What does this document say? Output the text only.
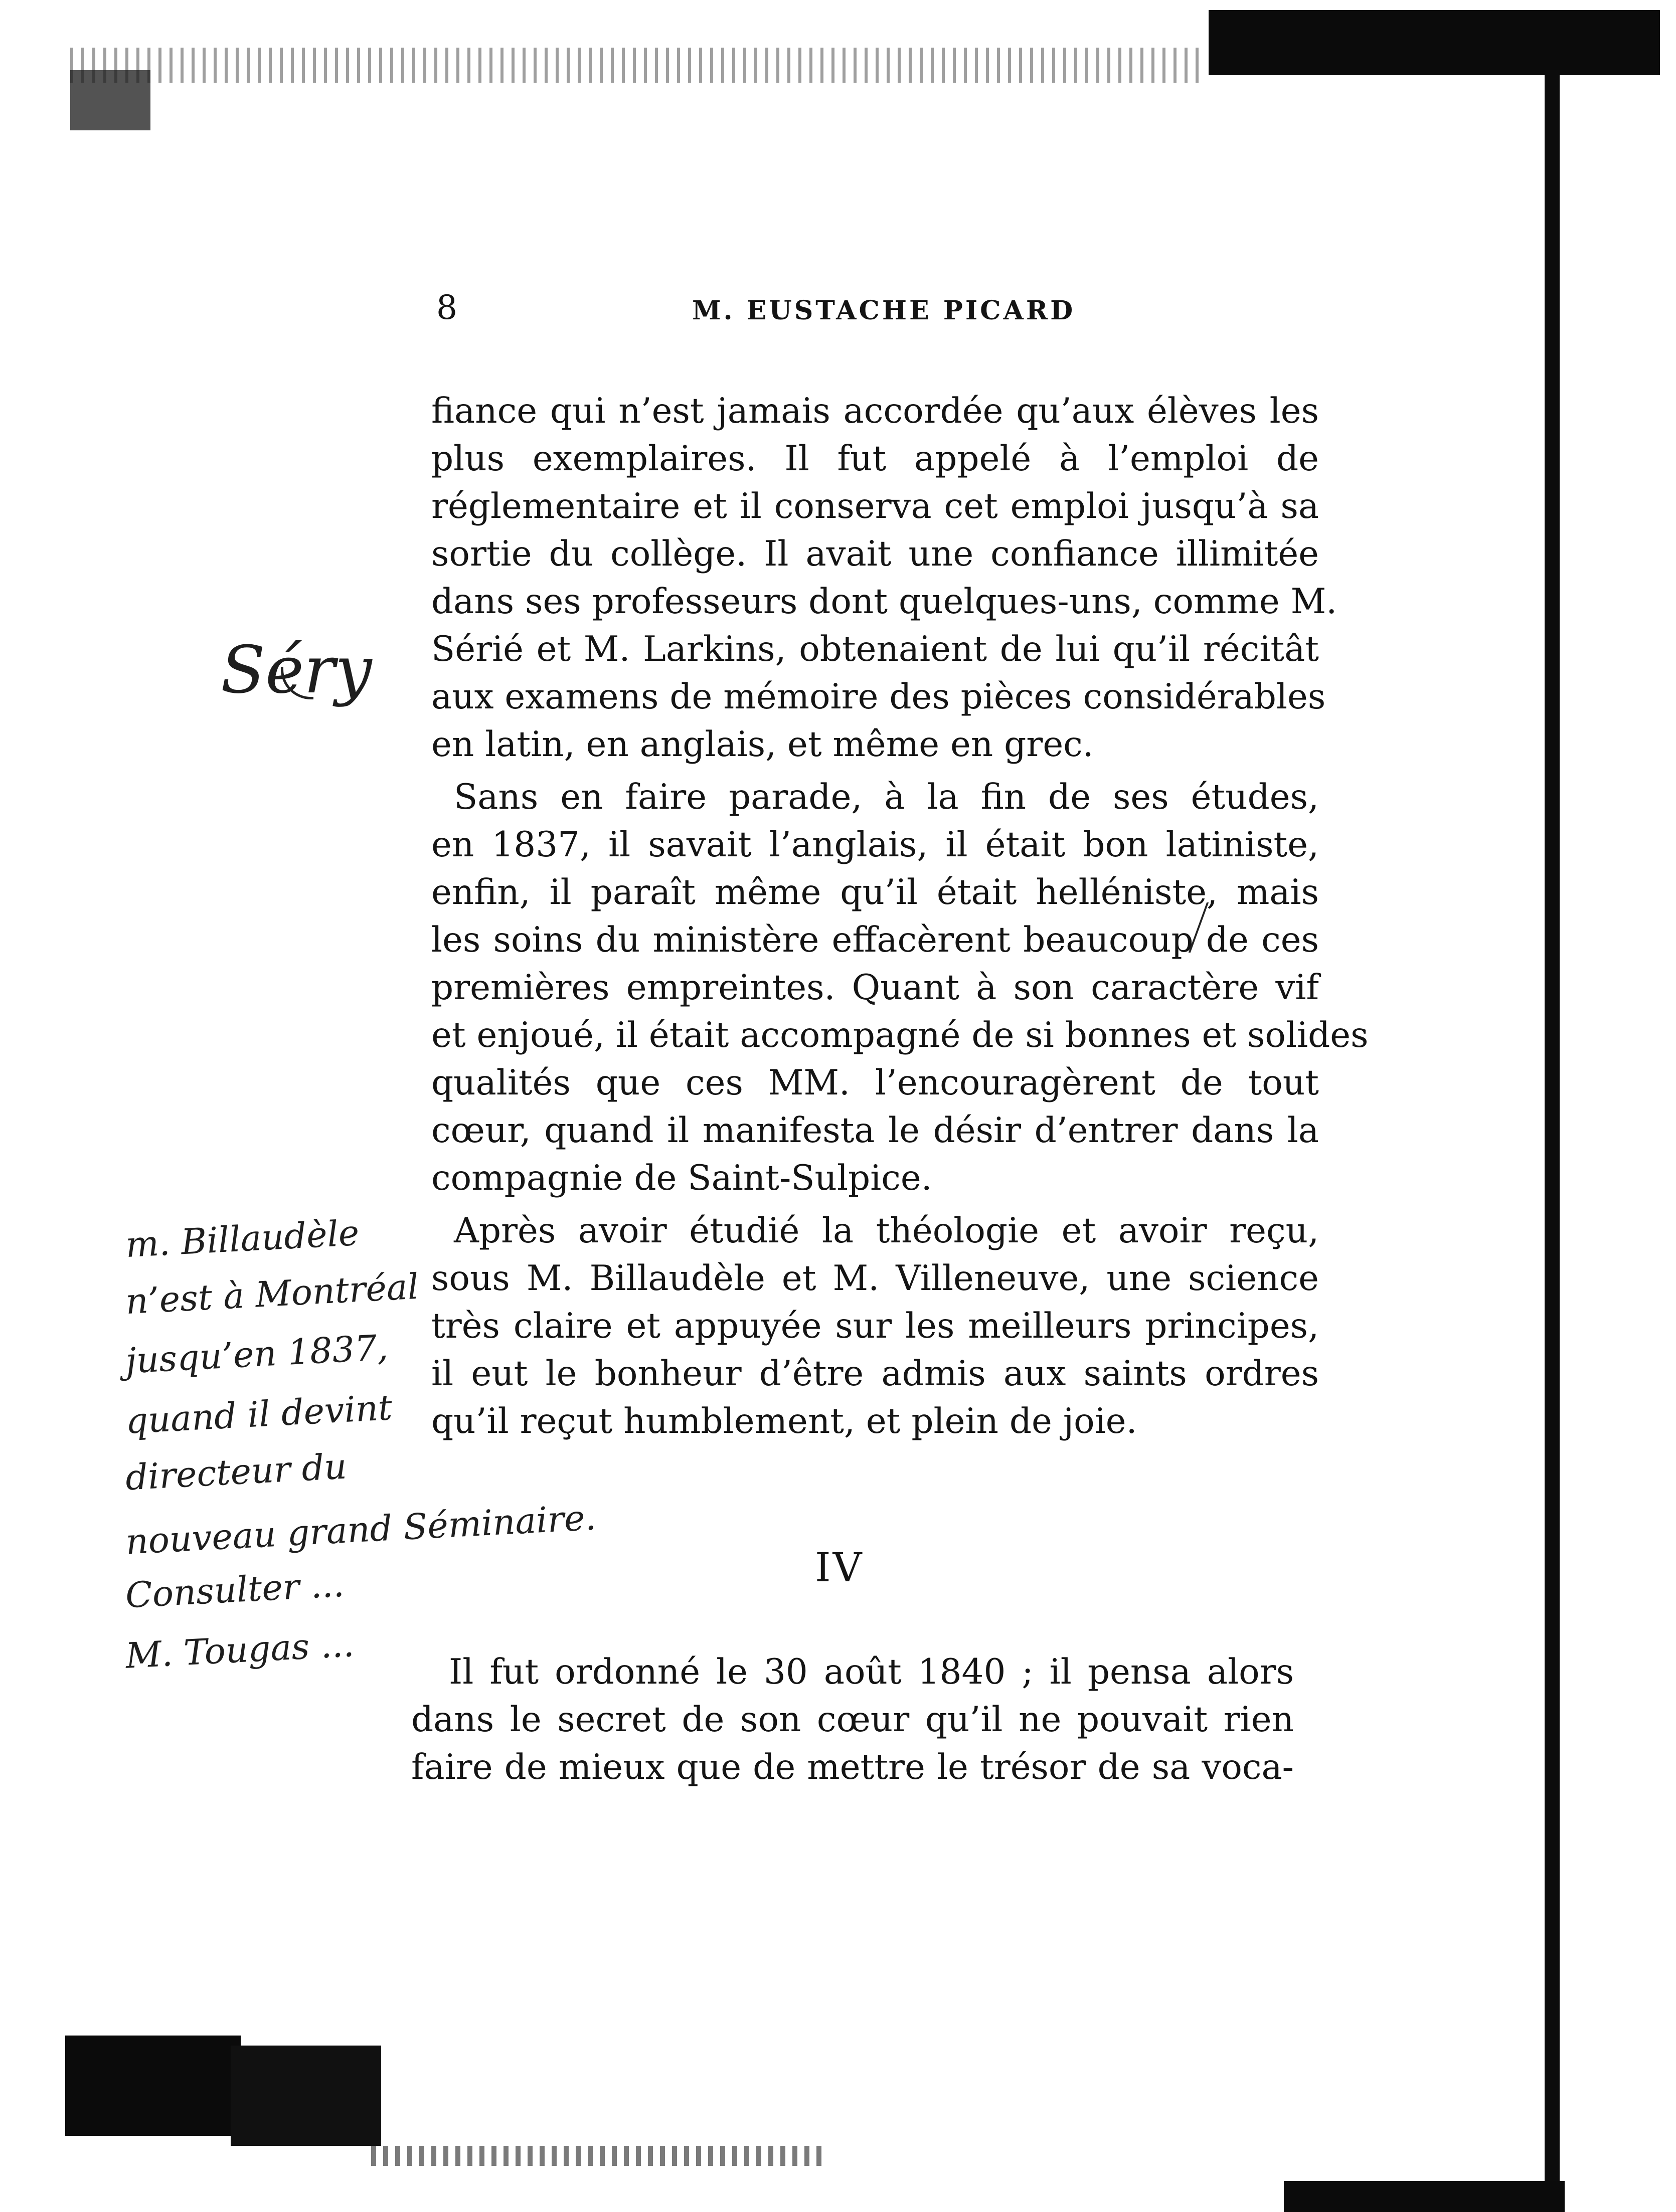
8	M. EUSTACHE PICARD
fiance qui n’est jamais accordée qu’aux élèves les
plus exemplaires. Il fut appelé à l’emploi de
réglementaire et il conserva cet emploi jusqu’à sa
sortie du collège. Il avait une confiance illimitée
dans ses professeurs dont quelques-uns, comme M.
Sérié et M. Larkins, obtenaient de lui qu’il récitât
aux examens de mémoire des pièces considérables
en latin, en anglais, et même en grec.
Sans en faire parade, à la fin de ses études,
en 1837, il savait l’anglais, il était bon latiniste,
enfin, il paraît même qu’il était helléniste, mais
les soins du ministère effacèrent beaucoup de ces
premières empreintes. Quant à son caractère vif
et enjoué, il était accompagné de si bonnes et solides
qualités que ces MM. l’encouragèrent de tout
cœur, quand il manifesta le désir d’entrer dans la
compagnie de Saint-Sulpice.
Après avoir étudié la théologie et avoir reçu,
sous M. Billaudèle et M. Villeneuve, une science
très claire et appuyée sur les meilleurs principes,
il eut le bonheur d’être admis aux saints ordres
qu’il reçut humblement, et plein de joie.
Il fut ordonné le 30 août 1840 ; il pensa alors
dans le secret de son cœur qu’il ne pouvait rien
faire de mieux que de mettre le trésor de sa voca-
IV
Séry
m. Billaudèle
n’est à Montréal
jusqu’en 1837,
quand il devint
directeur du
nouveau grand Séminaire.
Consulter ...
M. Tougas ...
